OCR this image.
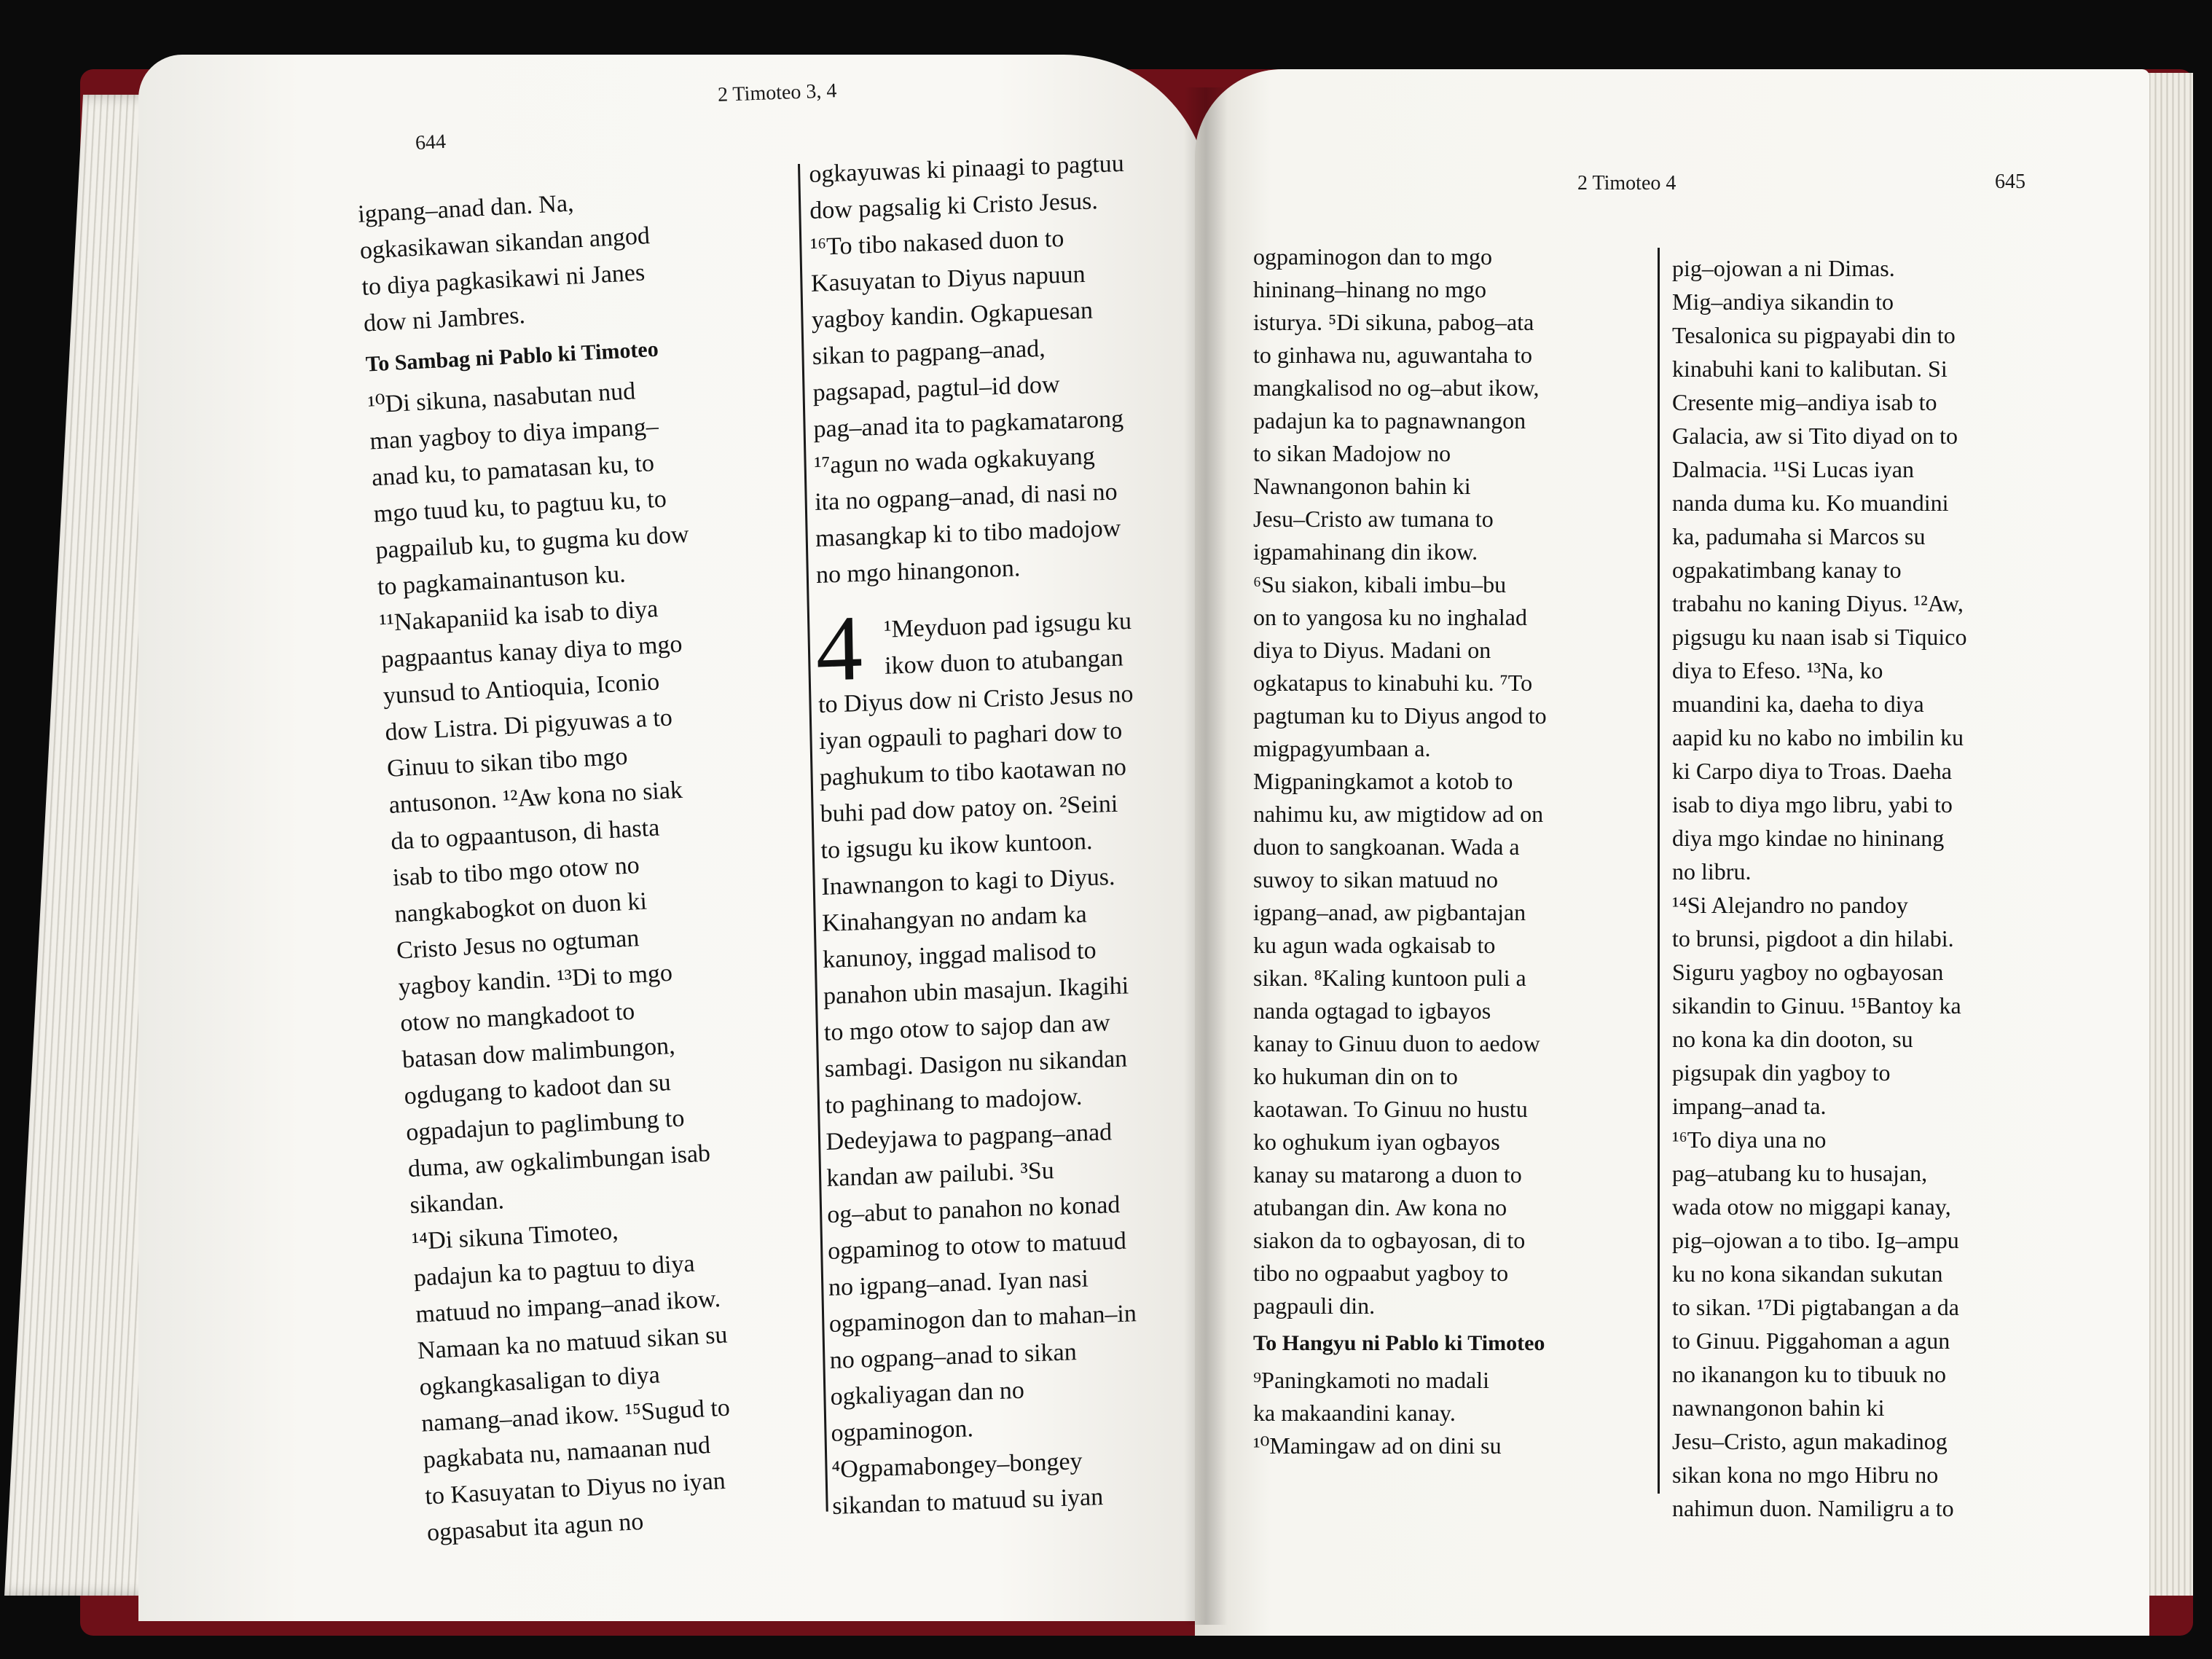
644
2 Timoteo 3, 4
2 Timoteo 4	645
igpang–anad dan. Na,
ogkasikawan sikandan angod
to diya pagkasikawi ni Janes
dow ni Jambres.
To Sambag ni Pablo ki Timoteo
¹⁰Di sikuna, nasabutan nud
man yagboy to diya impang–
anad ku, to pamatasan ku, to
mgo tuud ku, to pagtuu ku, to
pagpailub ku, to gugma ku dow
to pagkamainantuson ku.
¹¹Nakapaniid ka isab to diya
pagpaantus kanay diya to mgo
yunsud to Antioquia, Iconio
dow Listra. Di pigyuwas a to
Ginuu to sikan tibo mgo
antusonon. ¹²Aw kona no siak
da to ogpaantuson, di hasta
isab to tibo mgo otow no
nangkabogkot on duon ki
Cristo Jesus no ogtuman
yagboy kandin. ¹³Di to mgo
otow no mangkadoot to
batasan dow malimbungon,
ogdugang to kadoot dan su
ogpadajun to paglimbung to
duma, aw ogkalimbungan isab
sikandan.
¹⁴Di sikuna Timoteo,
padajun ka to pagtuu to diya
matuud no impang–anad ikow.
Namaan ka no matuud sikan su
ogkangkasaligan to diya
namang–anad ikow. ¹⁵Sugud to
pagkabata nu, namaanan nud
to Kasuyatan to Diyus no iyan
ogpasabut ita agun no
ogkayuwas ki pinaagi to pagtuu
dow pagsalig ki Cristo Jesus.
¹⁶To tibo nakased duon to
Kasuyatan to Diyus napuun
yagboy kandin. Ogkapuesan
sikan to pagpang–anad,
pagsapad, pagtul–id dow
pag–anad ita to pagkamatarong
¹⁷agun no wada ogkakuyang
ita no ogpang–anad, di nasi no
masangkap ki to tibo madojow
no mgo hinangonon.
4 ¹Meyduon pad igsugu ku
ikow duon to atubangan
to Diyus dow ni Cristo Jesus no
iyan ogpauli to paghari dow to
paghukum to tibo kaotawan no
buhi pad dow patoy on. ²Seini
to igsugu ku ikow kuntoon.
Inawnangon to kagi to Diyus.
Kinahangyan no andam ka
kanunoy, inggad malisod to
panahon ubin masajun. Ikagihi
to mgo otow to sajop dan aw
sambagi. Dasigon nu sikandan
to paghinang to madojow.
Dedeyjawa to pagpang–anad
kandan aw pailubi. ³Su
og–abut to panahon no konad
ogpaminog to otow to matuud
no igpang–anad. Iyan nasi
ogpaminogon dan to mahan–in
no ogpang–anad to sikan
ogkaliyagan dan no
ogpaminogon.
⁴Ogpamabongey–bongey
sikandan to matuud su iyan
ogpaminogon dan to mgo
hininang–hinang no mgo
isturya. ⁵Di sikuna, pabog–ata
to ginhawa nu, aguwantaha to
mangkalisod no og–abut ikow,
padajun ka to pagnawnangon
to sikan Madojow no
Nawnangonon bahin ki
Jesu–Cristo aw tumana to
igpamahinang din ikow.
⁶Su siakon, kibali imbu–bu
on to yangosa ku no inghalad
diya to Diyus. Madani on
ogkatapus to kinabuhi ku. ⁷To
pagtuman ku to Diyus angod to
migpagyumbaan a.
Migpaningkamot a kotob to
nahimu ku, aw migtidow ad on
duon to sangkoanan. Wada a
suwoy to sikan matuud no
igpang–anad, aw pigbantajan
ku agun wada ogkaisab to
sikan. ⁸Kaling kuntoon puli a
nanda ogtagad to igbayos
kanay to Ginuu duon to aedow
ko hukuman din on to
kaotawan. To Ginuu no hustu
ko oghukum iyan ogbayos
kanay su matarong a duon to
atubangan din. Aw kona no
siakon da to ogbayosan, di to
tibo no ogpaabut yagboy to
pagpauli din.
To Hangyu ni Pablo ki Timoteo
⁹Paningkamoti no madali
ka makaandini kanay.
¹⁰Mamingaw ad on dini su
pig–ojowan a ni Dimas.
Mig–andiya sikandin to
Tesalonica su pigpayabi din to
kinabuhi kani to kalibutan. Si
Cresente mig–andiya isab to
Galacia, aw si Tito diyad on to
Dalmacia. ¹¹Si Lucas iyan
nanda duma ku. Ko muandini
ka, padumaha si Marcos su
ogpakatimbang kanay to
trabahu no kaning Diyus. ¹²Aw,
pigsugu ku naan isab si Tiquico
diya to Efeso. ¹³Na, ko
muandini ka, daeha to diya
aapid ku no kabo no imbilin ku
ki Carpo diya to Troas. Daeha
isab to diya mgo libru, yabi to
diya mgo kindae no hininang
no libru.
¹⁴Si Alejandro no pandoy
to brunsi, pigdoot a din hilabi.
Siguru yagboy no ogbayosan
sikandin to Ginuu. ¹⁵Bantoy ka
no kona ka din dooton, su
pigsupak din yagboy to
impang–anad ta.
¹⁶To diya una no
pag–atubang ku to husajan,
wada otow no miggapi kanay,
pig–ojowan a to tibo. Ig–ampu
ku no kona sikandan sukutan
to sikan. ¹⁷Di pigtabangan a da
to Ginuu. Piggahoman a agun
no ikanangon ku to tibuuk no
nawnangonon bahin ki
Jesu–Cristo, agun makadinog
sikan kona no mgo Hibru no
nahimun duon. Namiligru a to
